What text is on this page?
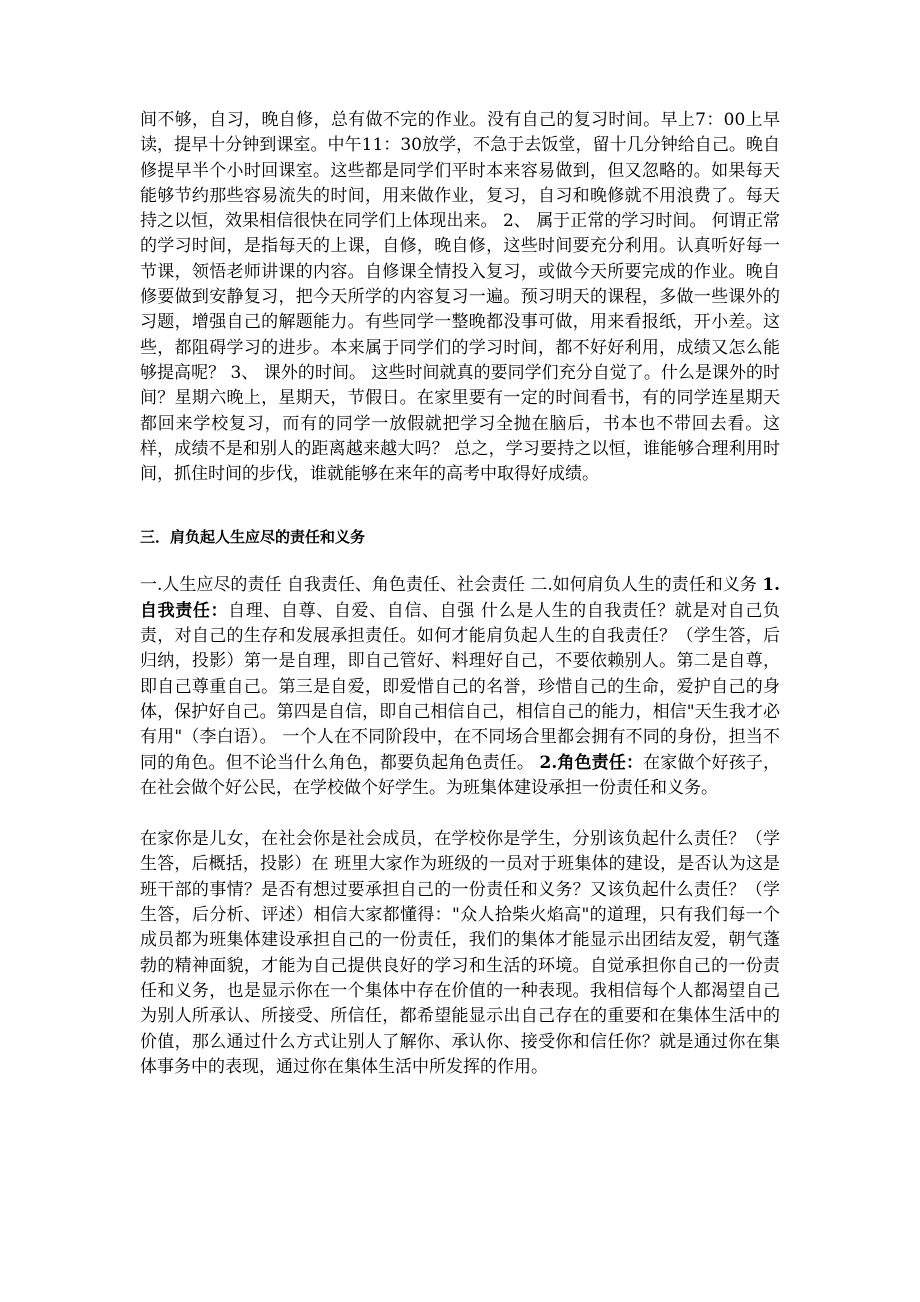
间不够，自习，晚自修，总有做不完的作业。没有自己的复习时间。早上7：00上早读，提早十分钟到课室。中午11：30放学，不急于去饭堂，留十几分钟给自己。晚自修提早半个小时回课室。这些都是同学们平时本来容易做到，但又忽略的。如果每天能够节约那些容易流失的时间，用来做作业，复习，自习和晚修就不用浪费了。每天持之以恒，效果相信很快在同学们上体现出来。 2、 属于正常的学习时间。 何谓正常的学习时间，是指每天的上课，自修，晚自修，这些时间要充分利用。认真听好每一节课，领悟老师讲课的内容。自修课全情投入复习，或做今天所要完成的作业。晚自修要做到安静复习，把今天所学的内容复习一遍。预习明天的课程，多做一些课外的习题，增强自己的解题能力。有些同学一整晚都没事可做，用来看报纸，开小差。这些，都阻碍学习的进步。本来属于同学们的学习时间，都不好好利用，成绩又怎么能够提高呢？ 3、 课外的时间。 这些时间就真的要同学们充分自觉了。什么是课外的时间？星期六晚上，星期天，节假日。在家里要有一定的时间看书，有的同学连星期天都回来学校复习，而有的同学一放假就把学习全抛在脑后，书本也不带回去看。这样，成绩不是和别人的距离越来越大吗？ 总之，学习要持之以恒，谁能够合理利用时间，抓住时间的步伐，谁就能够在来年的高考中取得好成绩。

三．肩负起人生应尽的责任和义务

一.人生应尽的责任 自我责任、角色责任、社会责任 二.如何肩负人生的责任和义务 1.自我责任：自理、自尊、自爱、自信、自强 什么是人生的自我责任？就是对自己负责，对自己的生存和发展承担责任。如何才能肩负起人生的自我责任？（学生答，后归纳，投影）第一是自理，即自己管好、料理好自己，不要依赖别人。第二是自尊，即自己尊重自己。第三是自爱，即爱惜自己的名誉，珍惜自己的生命，爱护自己的身体，保护好自己。第四是自信，即自己相信自己，相信自己的能力，相信"天生我才必有用"（李白语）。 一个人在不同阶段中，在不同场合里都会拥有不同的身份，担当不同的角色。但不论当什么角色，都要负起角色责任。 2.角色责任：在家做个好孩子，在社会做个好公民，在学校做个好学生。为班集体建设承担一份责任和义务。

在家你是儿女，在社会你是社会成员，在学校你是学生，分别该负起什么责任？（学生答，后概括，投影）在 班里大家作为班级的一员对于班集体的建设，是否认为这是班干部的事情？是否有想过要承担自己的一份责任和义务？又该负起什么责任？（学生答，后分析、评述）相信大家都懂得："众人拾柴火焰高"的道理，只有我们每一个成员都为班集体建设承担自己的一份责任，我们的集体才能显示出团结友爱，朝气蓬勃的精神面貌，才能为自己提供良好的学习和生活的环境。自觉承担你自己的一份责任和义务，也是显示你在一个集体中存在价值的一种表现。我相信每个人都渴望自己为别人所承认、所接受、所信任，都希望能显示出自己存在的重要和在集体生活中的价值，那么通过什么方式让别人了解你、承认你、接受你和信任你？就是通过你在集体事务中的表现，通过你在集体生活中所发挥的作用。
